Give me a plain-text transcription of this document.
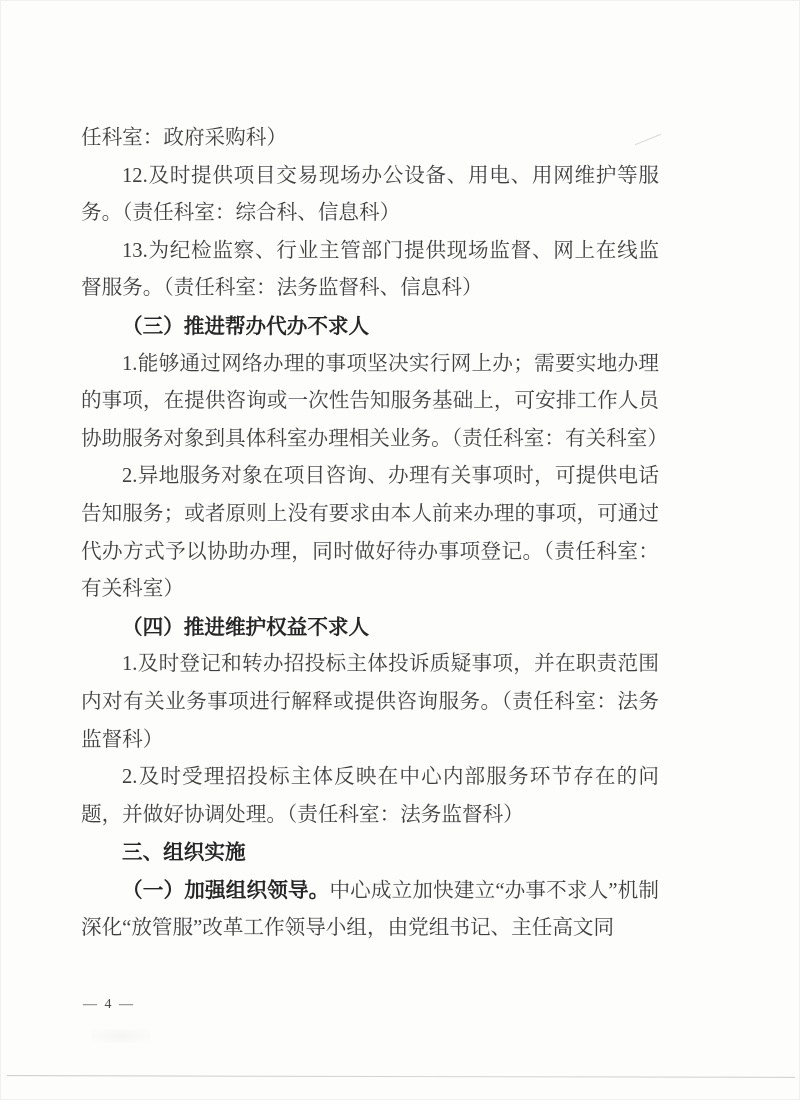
任科室：政府采购科）

12.及时提供项目交易现场办公设备、用电、用网维护等服务。（责任科室：综合科、信息科）

13.为纪检监察、行业主管部门提供现场监督、网上在线监督服务。（责任科室：法务监督科、信息科）

（三）推进帮办代办不求人

1.能够通过网络办理的事项坚决实行网上办；需要实地办理的事项，在提供咨询或一次性告知服务基础上，可安排工作人员协助服务对象到具体科室办理相关业务。（责任科室：有关科室）

2.异地服务对象在项目咨询、办理有关事项时，可提供电话告知服务；或者原则上没有要求由本人前来办理的事项，可通过代办方式予以协助办理，同时做好待办事项登记。（责任科室：有关科室）

（四）推进维护权益不求人

1.及时登记和转办招投标主体投诉质疑事项，并在职责范围内对有关业务事项进行解释或提供咨询服务。（责任科室：法务监督科）

2.及时受理招投标主体反映在中心内部服务环节存在的问题，并做好协调处理。（责任科室：法务监督科）

三、组织实施

（一）加强组织领导。中心成立加快建立“办事不求人”机制深化“放管服”改革工作领导小组，由党组书记、主任高文同

— 4 —
